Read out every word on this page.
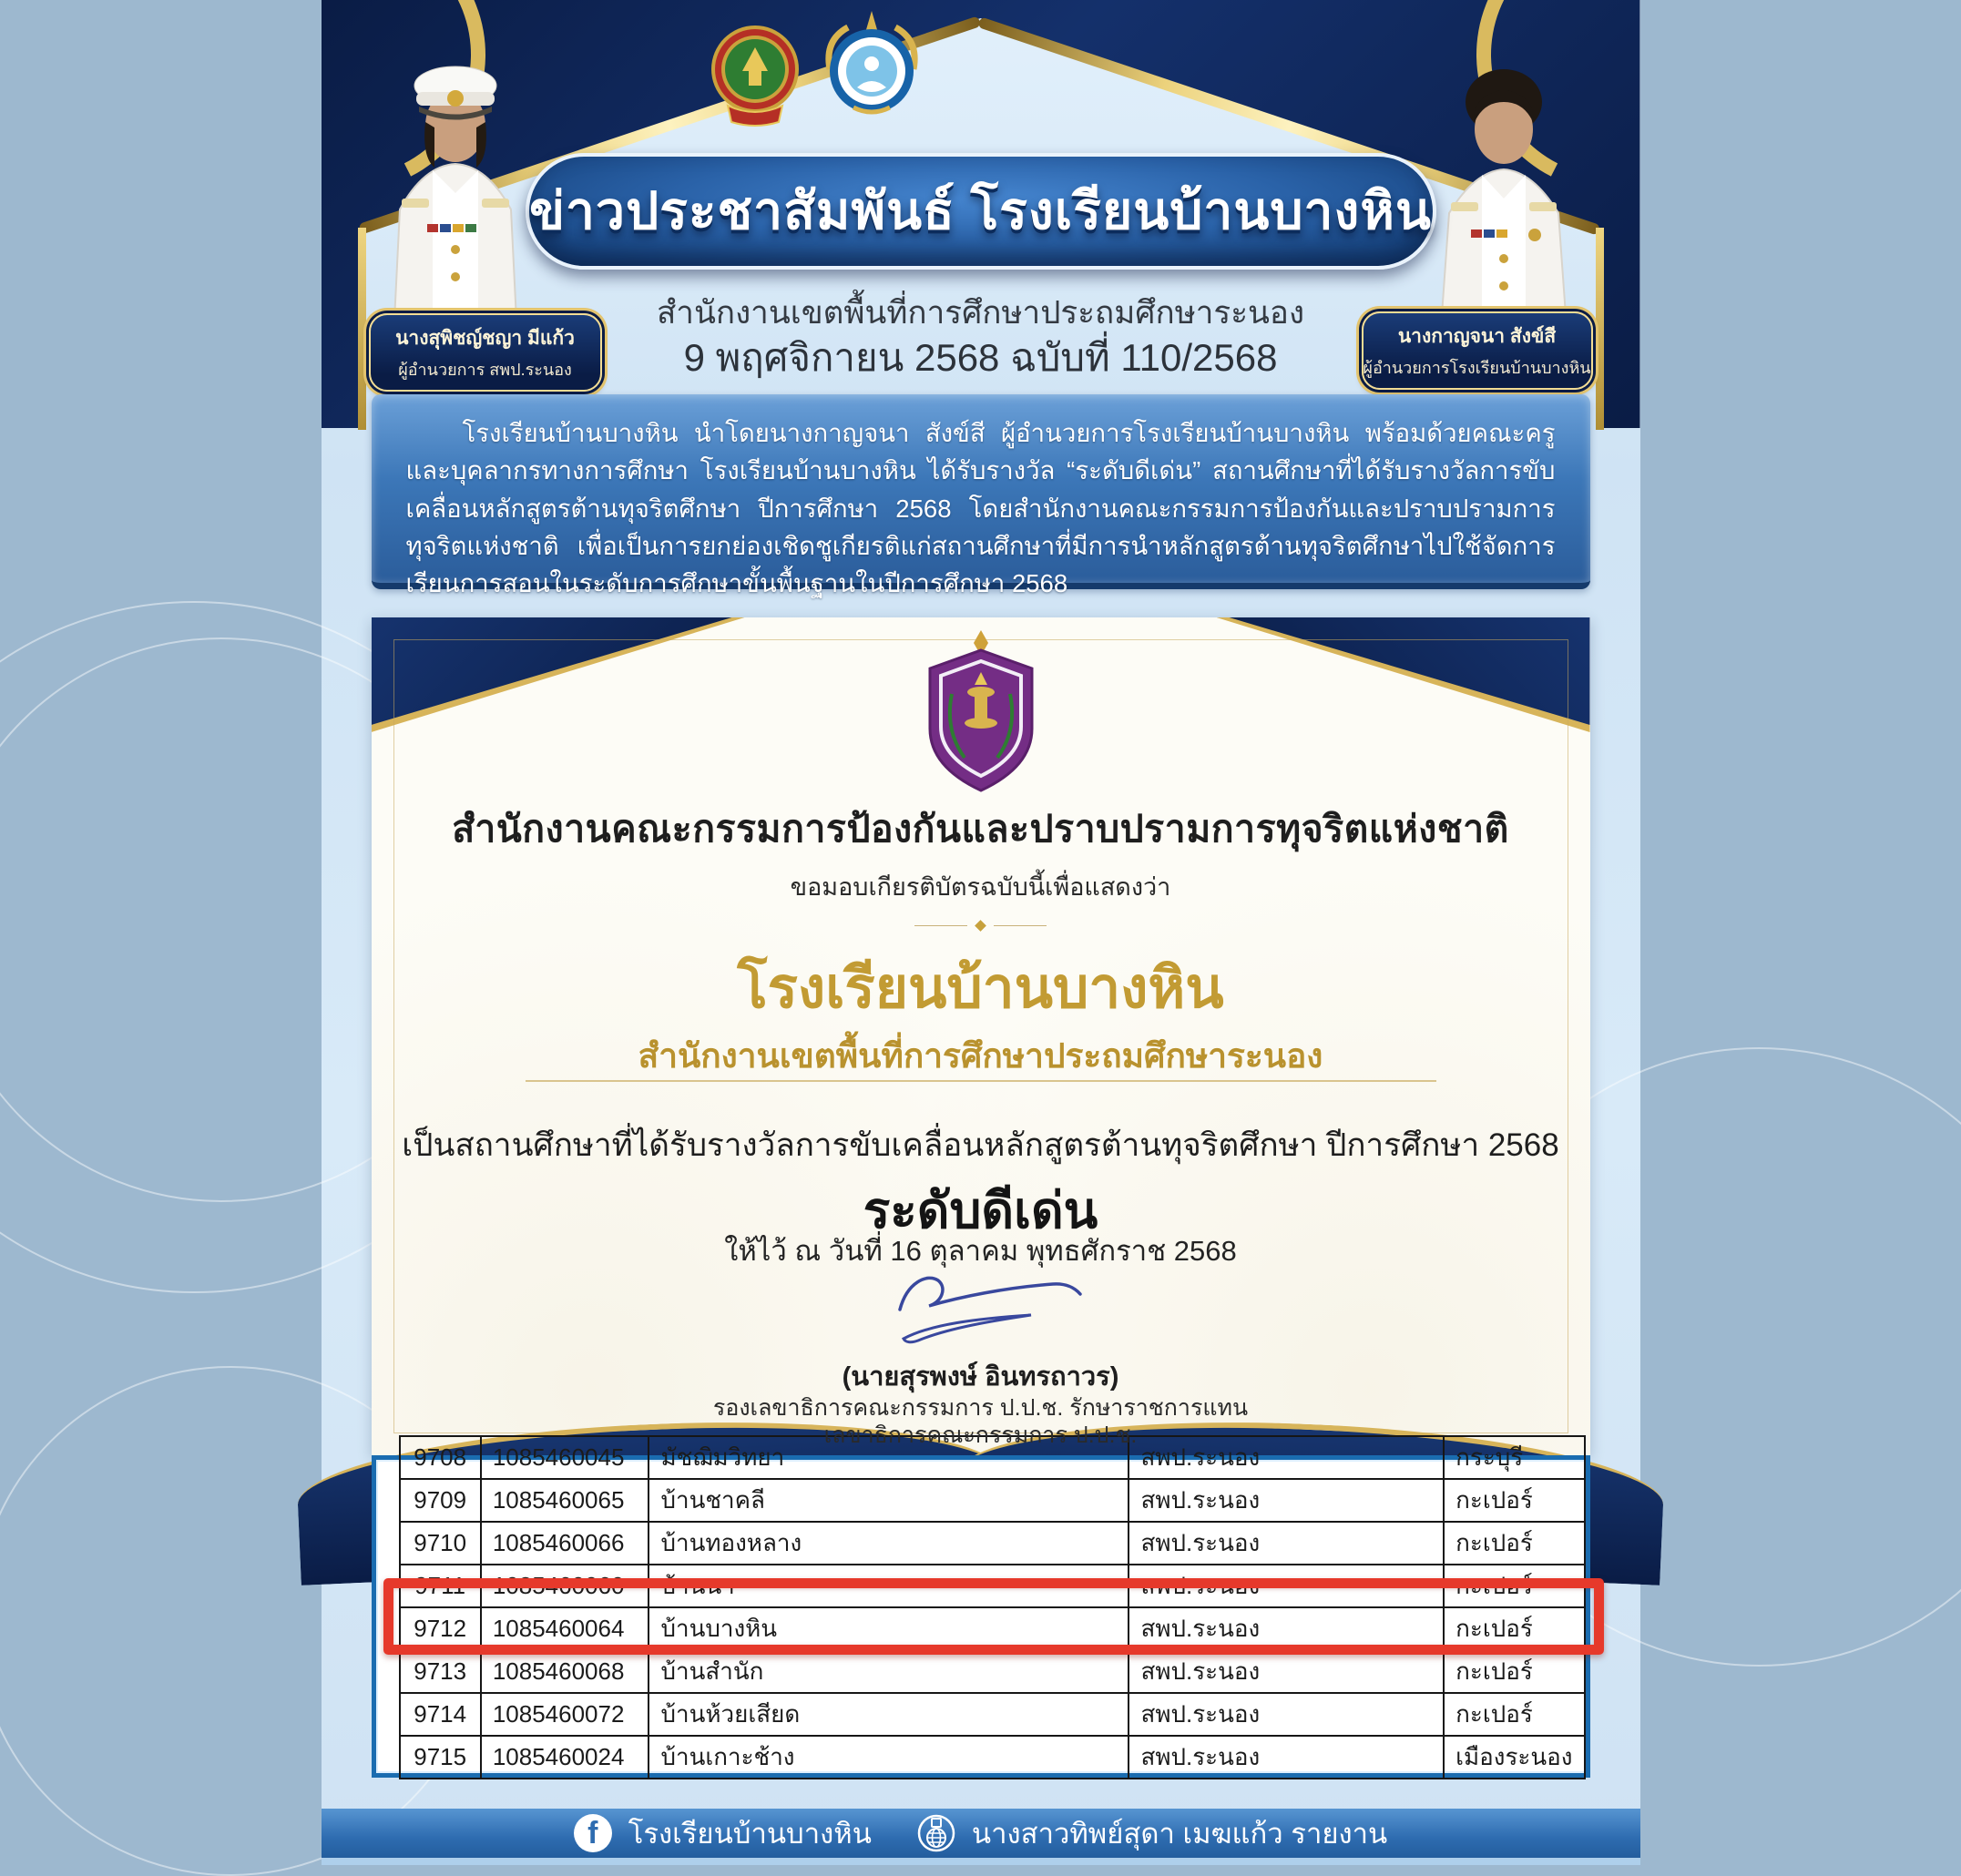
ข่าวประชาสัมพันธ์ โรงเรียนบ้านบางหิน
สำนักงานเขตพื้นที่การศึกษาประถมศึกษาระนอง
9 พฤศจิกายน 2568 ฉบับที่ 110/2568
นางสุพิชญ์ชญา มีแก้ว
ผู้อำนวยการ สพป.ระนอง
นางกาญจนา สังข์สี
ผู้อำนวยการโรงเรียนบ้านบางหิน

โรงเรียนบ้านบางหิน นำโดยนางกาญจนา สังข์สี ผู้อำนวยการโรงเรียนบ้านบางหิน พร้อมด้วยคณะครูและบุคลากรทางการศึกษา โรงเรียนบ้านบางหิน ได้รับรางวัล “ระดับดีเด่น” สถานศึกษาที่ได้รับรางวัลการขับเคลื่อนหลักสูตรต้านทุจริตศึกษา ปีการศึกษา 2568 โดยสำนักงานคณะกรรมการป้องกันและปราบปรามการทุจริตแห่งชาติ เพื่อเป็นการยกย่องเชิดชูเกียรติแก่สถานศึกษาที่มีการนำหลักสูตรต้านทุจริตศึกษาไปใช้จัดการเรียนการสอนในระดับการศึกษาขั้นพื้นฐานในปีการศึกษา 2568

สำนักงานคณะกรรมการป้องกันและปราบปรามการทุจริตแห่งชาติ
ขอมอบเกียรติบัตรฉบับนี้เพื่อแสดงว่า
โรงเรียนบ้านบางหิน
สำนักงานเขตพื้นที่การศึกษาประถมศึกษาระนอง
เป็นสถานศึกษาที่ได้รับรางวัลการขับเคลื่อนหลักสูตรต้านทุจริตศึกษา ปีการศึกษา 2568
ระดับดีเด่น
ให้ไว้ ณ วันที่ 16 ตุลาคม พุทธศักราช 2568
(นายสุรพงษ์ อินทรถาวร)
รองเลขาธิการคณะกรรมการ ป.ป.ช. รักษาราชการแทน
เลขาธิการคณะกรรมการ ป.ป.ช.
9708	1085460045	มัชฌิมวิทยา	สพป.ระนอง	กระบุรี
9709	1085460065	บ้านชาคลี	สพป.ระนอง	กะเปอร์
9710	1085460066	บ้านทองหลาง	สพป.ระนอง	กะเปอร์
9711	1085460060	บ้านนา	สพป.ระนอง	กะเปอร์
9712	1085460064	บ้านบางหิน	สพป.ระนอง	กะเปอร์
9713	1085460068	บ้านสำนัก	สพป.ระนอง	กะเปอร์
9714	1085460072	บ้านห้วยเสียด	สพป.ระนอง	กะเปอร์
9715	1085460024	บ้านเกาะช้าง	สพป.ระนอง	เมืองระนอง
f	โรงเรียนบ้านบางหิน	นางสาวทิพย์สุดา เมฆแก้ว รายงาน
